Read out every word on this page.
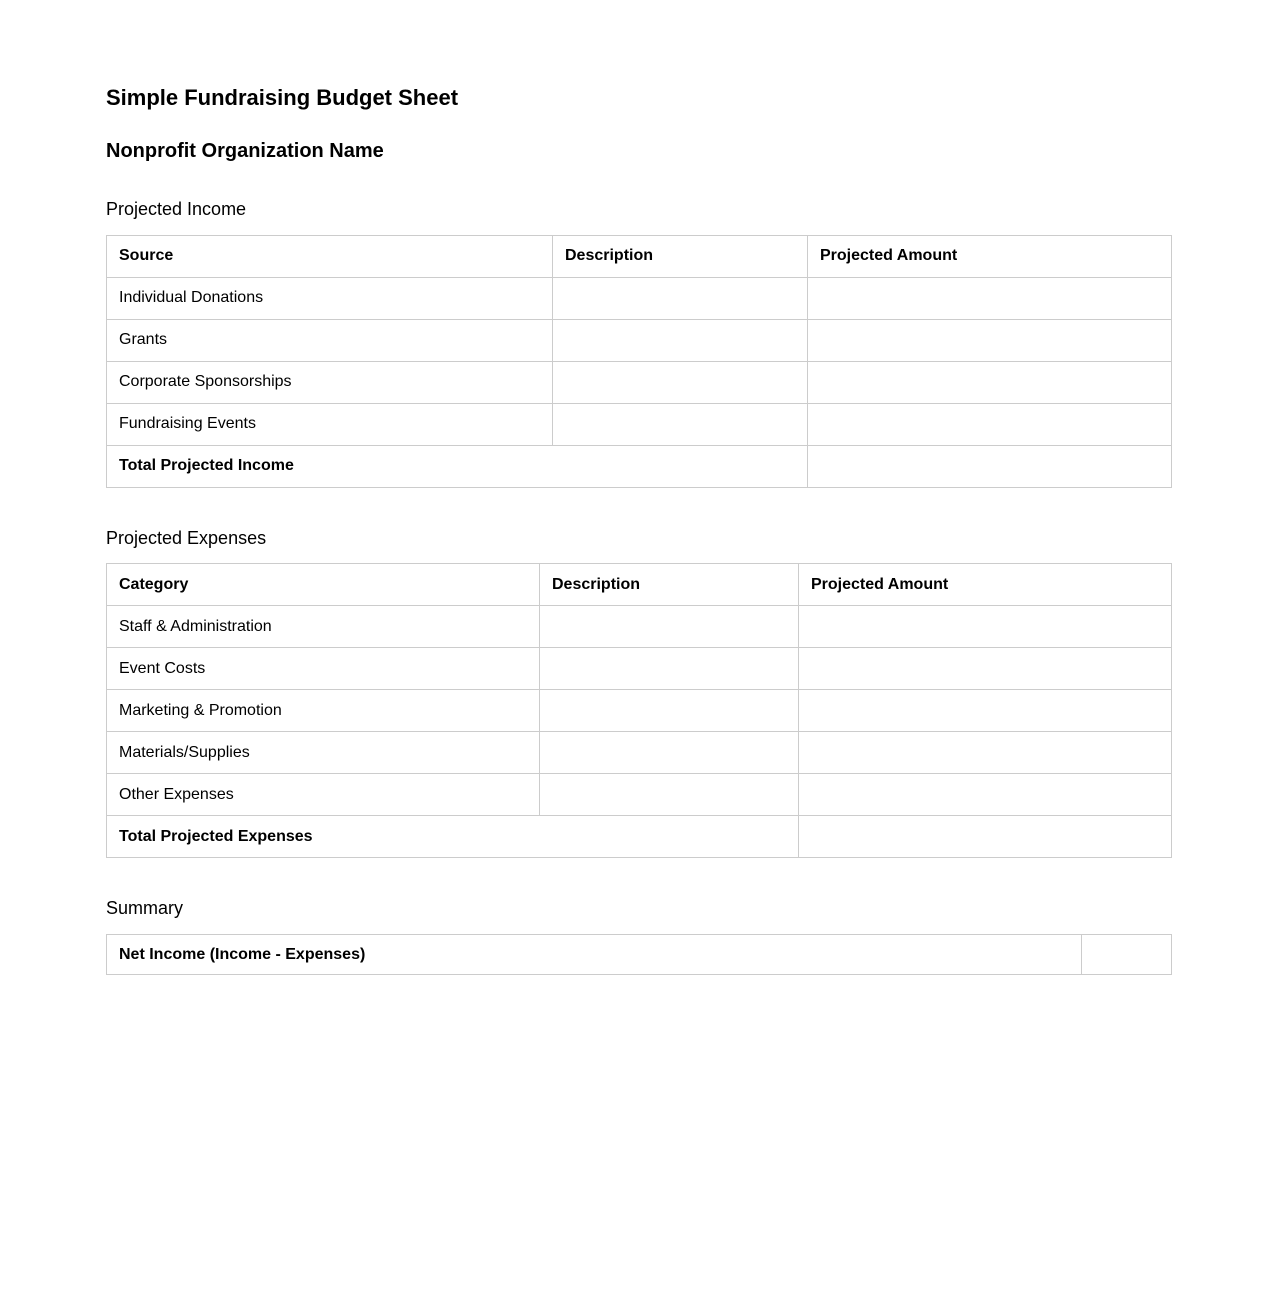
Simple Fundraising Budget Sheet
Nonprofit Organization Name
Projected Income
Source	Description	Projected Amount
Individual Donations		
Grants		
Corporate Sponsorships		
Fundraising Events		
Total Projected Income		
Projected Expenses
Category	Description	Projected Amount
Staff & Administration		
Event Costs		
Marketing & Promotion		
Materials/Supplies		
Other Expenses		
Total Projected Expenses		
Summary
Net Income (Income - Expenses)	
